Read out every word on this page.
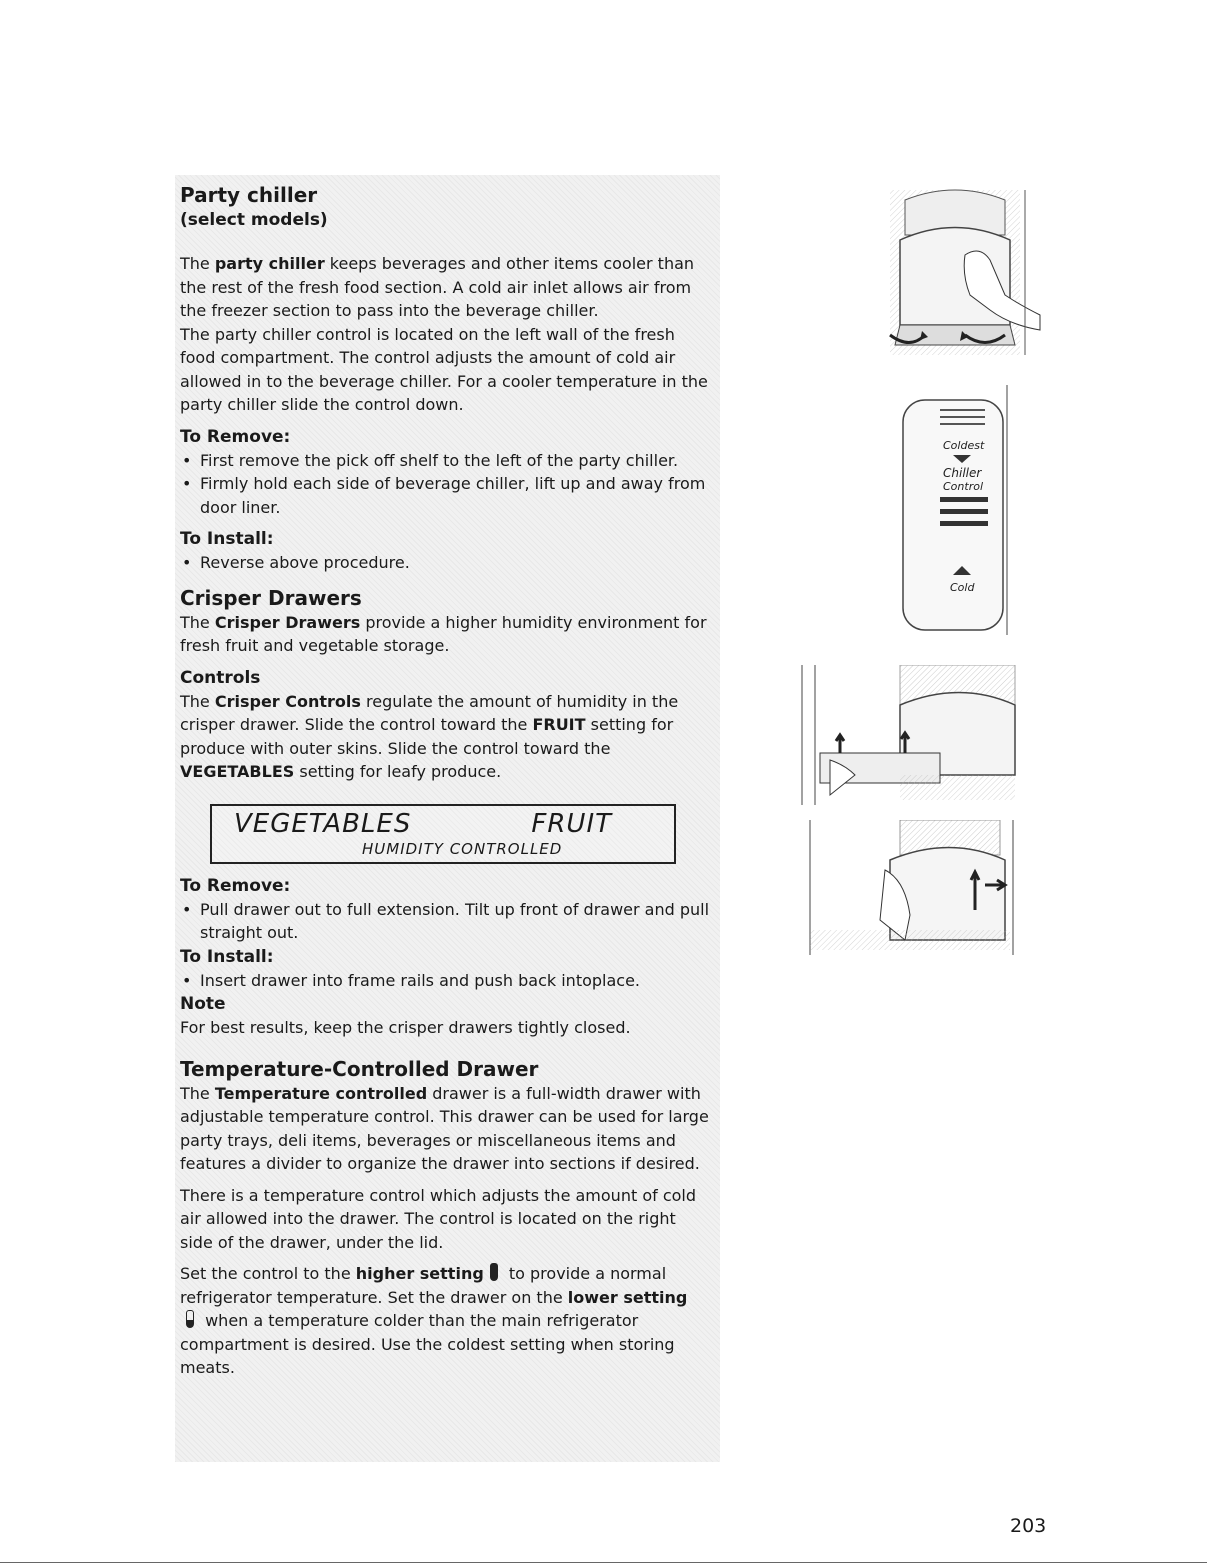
Party chiller
(select models)

The party chiller keeps beverages and other items cooler than the rest of the fresh food section. A cold air inlet allows air from the freezer section to pass into the beverage chiller.

The party chiller control is located on the left wall of the fresh food compartment. The control adjusts the amount of cold air allowed in to the beverage chiller. For a cooler temperature in the party chiller slide the control down.

To Remove:
• First remove the pick off shelf to the left of the party chiller.
• Firmly hold each side of beverage chiller, lift up and away from door liner.
To Install:
• Reverse above procedure.
Crisper Drawers

The Crisper Drawers provide a higher humidity environment for fresh fruit and vegetable storage.

Controls

The Crisper Controls regulate the amount of humidity in the crisper drawer. Slide the control toward the FRUIT setting for produce with outer skins. Slide the control toward the VEGETABLES setting for leafy produce.

VEGETABLES	FRUIT
HUMIDITY CONTROLLED
To Remove:
• Pull drawer out to full extension. Tilt up front of drawer and pull straight out.
To Install:
• Insert drawer into frame rails and push back intoplace.
Note

For best results, keep the crisper drawers tightly closed.

Temperature-Controlled Drawer

The Temperature controlled drawer is a full-width drawer with adjustable temperature control. This drawer can be used for large party trays, deli items, beverages or miscellaneous items and features a divider to organize the drawer into sections if desired.

There is a temperature control which adjusts the amount of cold air allowed into the drawer. The control is located on the right side of the drawer, under the lid.

Set the control to the higher setting to provide a normal refrigerator temperature. Set the drawer on the lower setting
when a temperature colder than the main refrigerator compartment is desired. Use the coldest setting when storing meats.

Coldest
Chiller
Control
Cold
203
